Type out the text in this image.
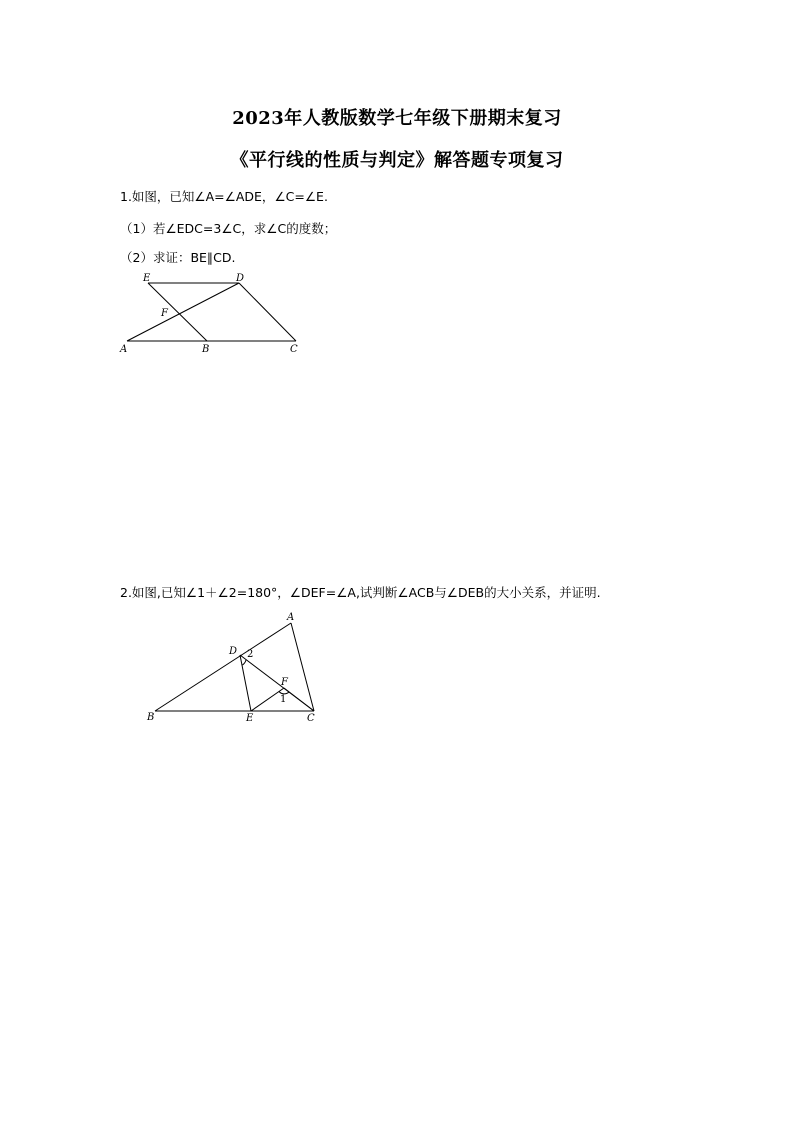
2023年人教版数学七年级下册期末复习
《平行线的性质与判定》解答题专项复习
1.如图，已知∠A=∠ADE，∠C=∠E.
（1）若∠EDC=3∠C，求∠C的度数；
（2）求证：BE∥CD.
E	D
F
A	B	C
2.如图,已知∠1＋∠2=180°，∠DEF=∠A,试判断∠ACB与∠DEB的大小关系，并证明.
A
D 2
F
1
B	E	C
